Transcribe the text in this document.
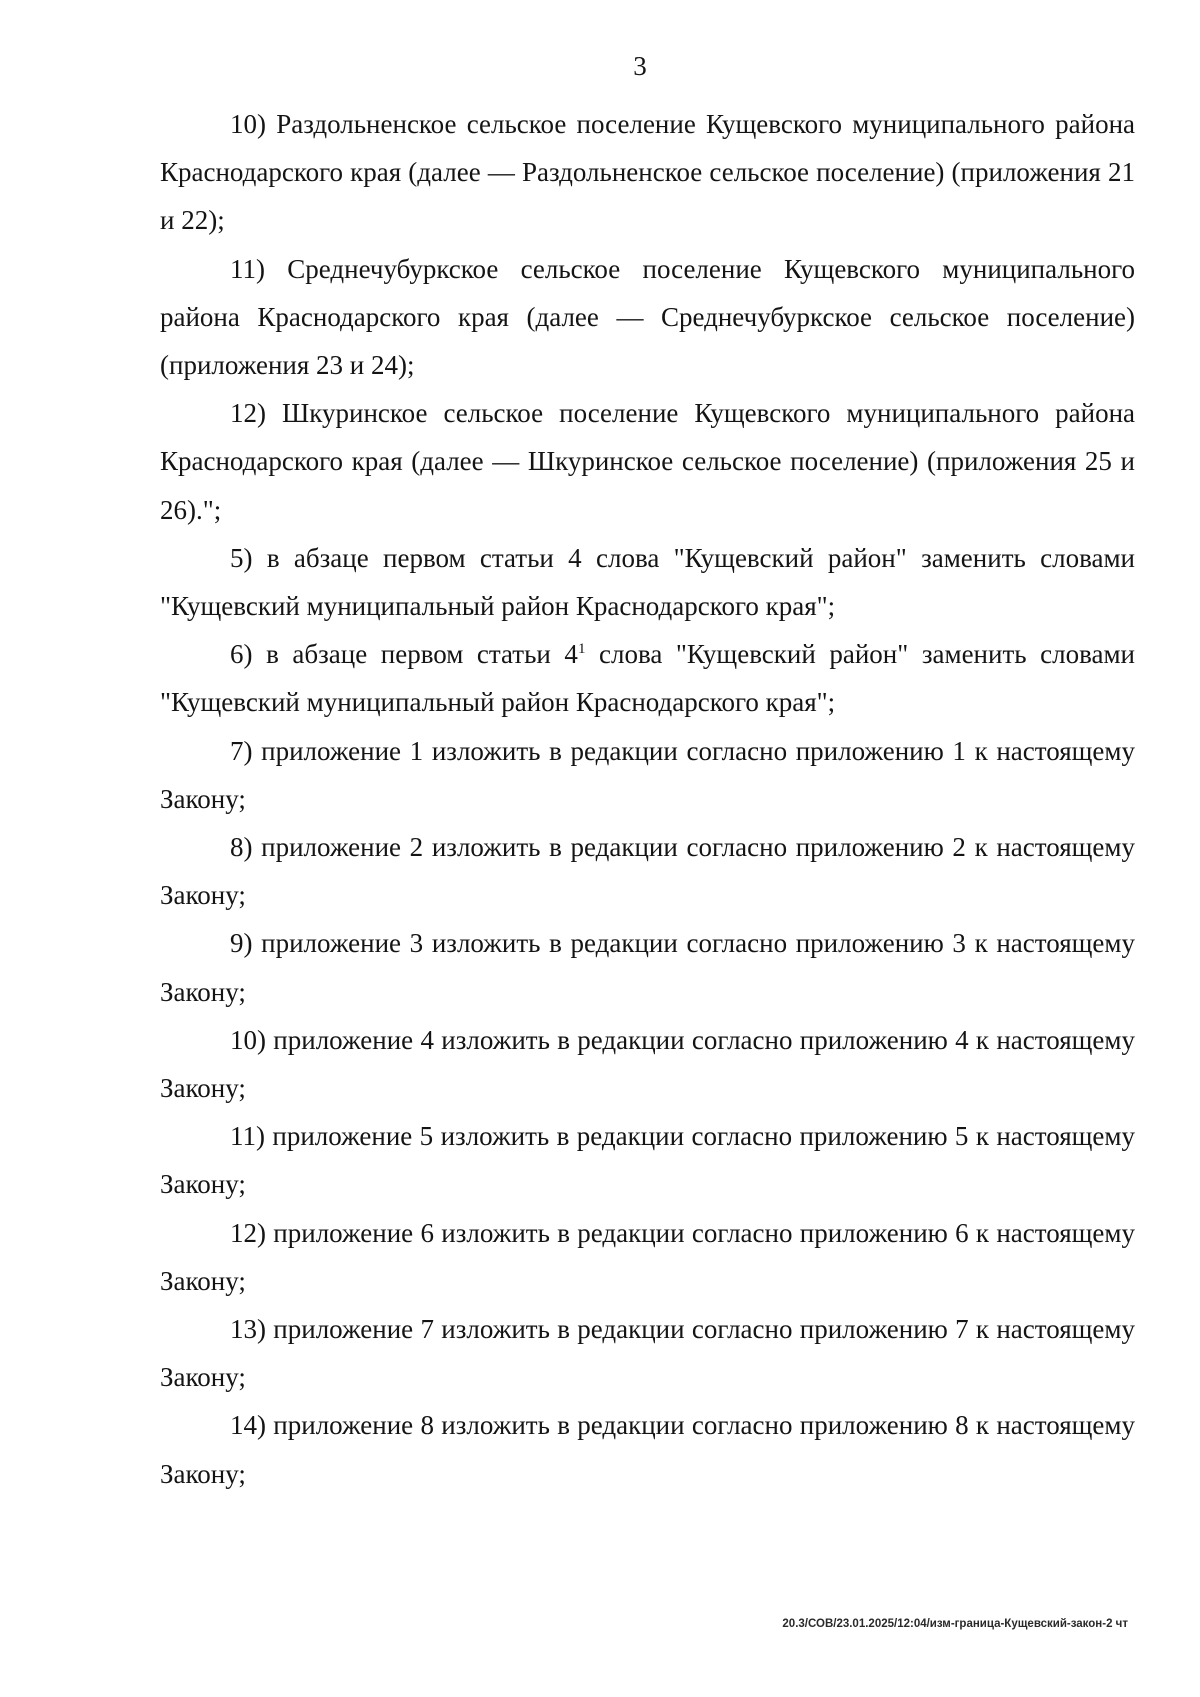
3

10) Раздольненское сельское поселение Кущевского муниципального района Краснодарского края (далее — Раздольненское сельское поселение) (приложения 21 и 22);

11) Среднечубуркское сельское поселение Кущевского муниципального района Краснодарского края (далее — Среднечубуркское сельское поселение) (приложения 23 и 24);

12) Шкуринское сельское поселение Кущевского муниципального района Краснодарского края (далее — Шкуринское сельское поселение) (приложения 25 и 26).";

5) в абзаце первом статьи 4 слова "Кущевский район" заменить словами "Кущевский муниципальный район Краснодарского края";

6) в абзаце первом статьи $4^1$ слова "Кущевский район" заменить словами "Кущевский муниципальный район Краснодарского края";

7) приложение 1 изложить в редакции согласно приложению 1 к настоящему Закону;

8) приложение 2 изложить в редакции согласно приложению 2 к настоящему Закону;

9) приложение 3 изложить в редакции согласно приложению 3 к настоящему Закону;

10) приложение 4 изложить в редакции согласно приложению 4 к настоящему Закону;

11) приложение 5 изложить в редакции согласно приложению 5 к настоящему Закону;

12) приложение 6 изложить в редакции согласно приложению 6 к настоящему Закону;

13) приложение 7 изложить в редакции согласно приложению 7 к настоящему Закону;

14) приложение 8 изложить в редакции согласно приложению 8 к настоящему Закону;

20.3/СОВ/23.01.2025/12:04/изм-граница-Кущевский-закон-2 чт
